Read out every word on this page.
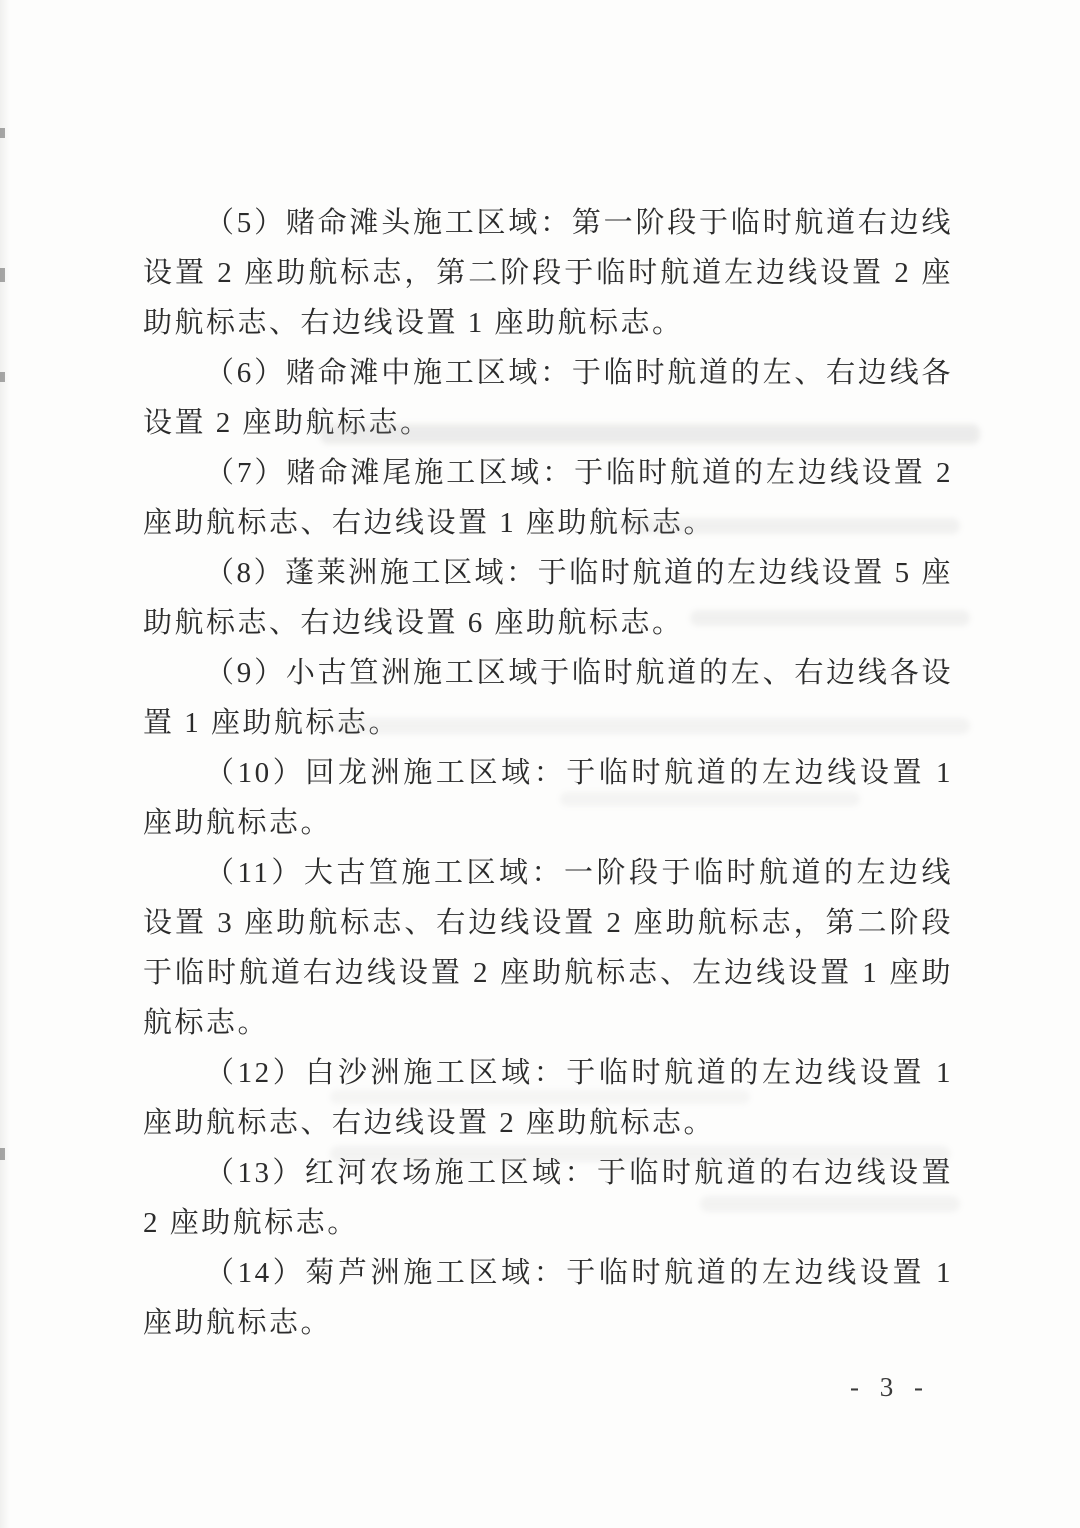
（5）赌命滩头施工区域：第一阶段于临时航道右边线设置 2 座助航标志，第二阶段于临时航道左边线设置 2 座助航标志、右边线设置 1 座助航标志。

（6）赌命滩中施工区域：于临时航道的左、右边线各设置 2 座助航标志。

（7）赌命滩尾施工区域：于临时航道的左边线设置 2 座助航标志、右边线设置 1 座助航标志。

（8）蓬莱洲施工区域：于临时航道的左边线设置 5 座助航标志、右边线设置 6 座助航标志。

（9）小古笪洲施工区域于临时航道的左、右边线各设置 1 座助航标志。

（10）回龙洲施工区域：于临时航道的左边线设置 1 座助航标志。

（11）大古笪施工区域：一阶段于临时航道的左边线设置 3 座助航标志、右边线设置 2 座助航标志，第二阶段于临时航道右边线设置 2 座助航标志、左边线设置 1 座助航标志。

（12）白沙洲施工区域：于临时航道的左边线设置 1 座助航标志、右边线设置 2 座助航标志。

（13）红河农场施工区域：于临时航道的右边线设置 2 座助航标志。

（14）菊芦洲施工区域：于临时航道的左边线设置 1 座助航标志。

- 3 -
